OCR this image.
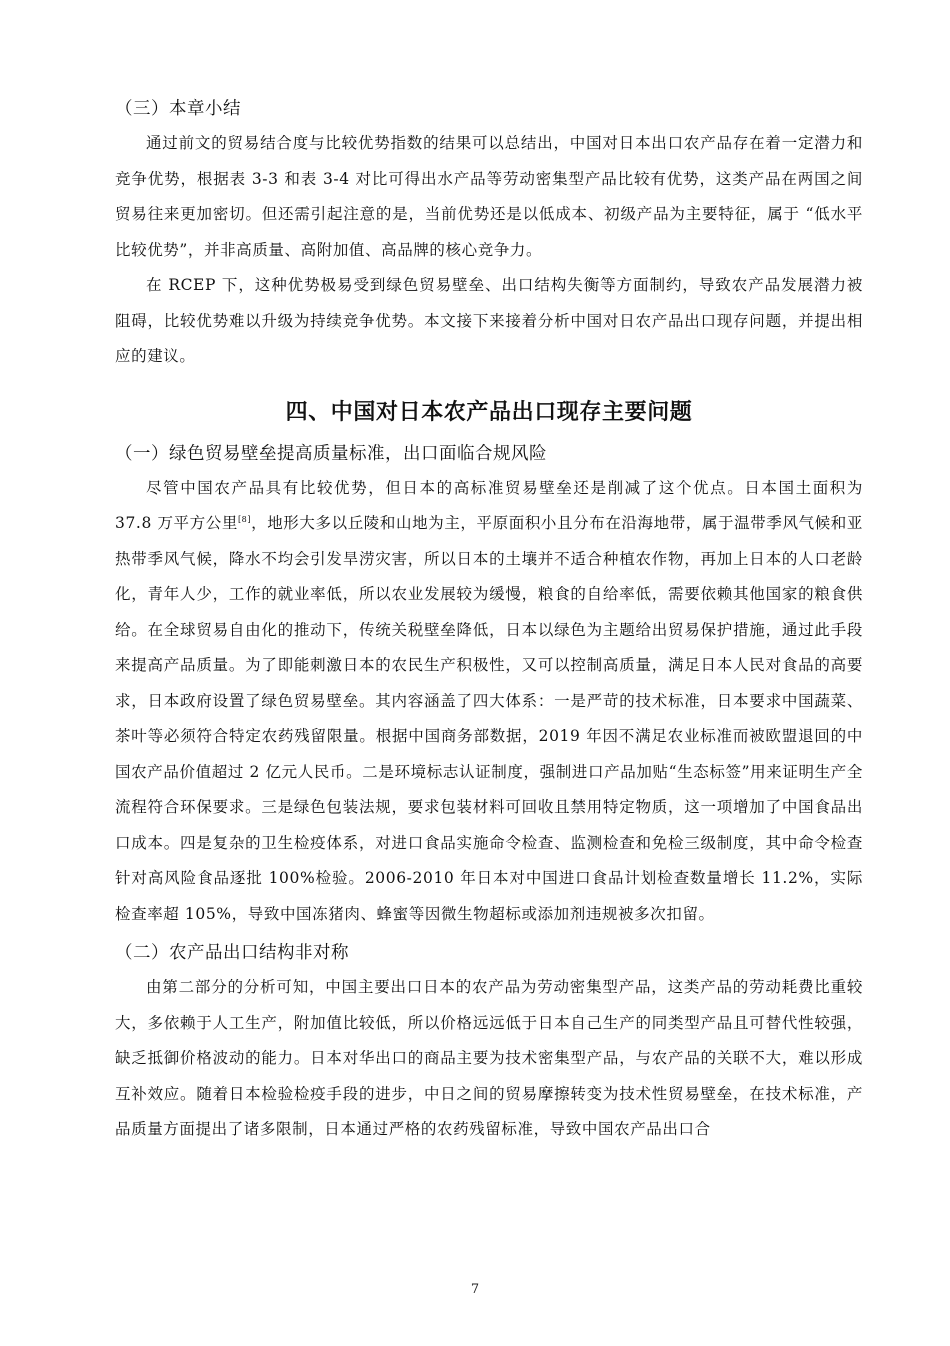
（三）本章小结

通过前文的贸易结合度与比较优势指数的结果可以总结出，中国对日本出口农产品存在着一定潜力和竞争优势，根据表 3-3 和表 3-4 对比可得出水产品等劳动密集型产品比较有优势，这类产品在两国之间贸易往来更加密切。但还需引起注意的是，当前优势还是以低成本、初级产品为主要特征，属于 “低水平比较优势”，并非高质量、高附加值、高品牌的核心竞争力。

在 RCEP 下，这种优势极易受到绿色贸易壁垒、出口结构失衡等方面制约，导致农产品发展潜力被阻碍，比较优势难以升级为持续竞争优势。本文接下来接着分析中国对日农产品出口现存问题，并提出相应的建议。

四、中国对日本农产品出口现存主要问题
（一）绿色贸易壁垒提高质量标准，出口面临合规风险

尽管中国农产品具有比较优势，但日本的高标准贸易壁垒还是削减了这个优点。日本国土面积为 37.8 万平方公里[8]，地形大多以丘陵和山地为主，平原面积小且分布在沿海地带，属于温带季风气候和亚热带季风气候，降水不均会引发旱涝灾害，所以日本的土壤并不适合种植农作物，再加上日本的人口老龄化，青年人少，工作的就业率低，所以农业发展较为缓慢，粮食的自给率低，需要依赖其他国家的粮食供给。在全球贸易自由化的推动下，传统关税壁垒降低，日本以绿色为主题给出贸易保护措施，通过此手段来提高产品质量。为了即能刺激日本的农民生产积极性，又可以控制高质量，满足日本人民对食品的高要求，日本政府设置了绿色贸易壁垒。其内容涵盖了四大体系：一是严苛的技术标准，日本要求中国蔬菜、茶叶等必须符合特定农药残留限量。根据中国商务部数据，2019 年因不满足农业标准而被欧盟退回的中国农产品价值超过 2 亿元人民币。二是环境标志认证制度，强制进口产品加贴“生态标签”用来证明生产全流程符合环保要求。三是绿色包装法规，要求包装材料可回收且禁用特定物质，这一项增加了中国食品出口成本。四是复杂的卫生检疫体系，对进口食品实施命令检查、监测检查和免检三级制度，其中命令检查针对高风险食品逐批 100%检验。2006-2010 年日本对中国进口食品计划检查数量增长 11.2%，实际检查率超 105%，导致中国冻猪肉、蜂蜜等因微生物超标或添加剂违规被多次扣留。

（二）农产品出口结构非对称

由第二部分的分析可知，中国主要出口日本的农产品为劳动密集型产品，这类产品的劳动耗费比重较大，多依赖于人工生产，附加值比较低，所以价格远远低于日本自己生产的同类型产品且可替代性较强，缺乏抵御价格波动的能力。日本对华出口的商品主要为技术密集型产品，与农产品的关联不大，难以形成互补效应。随着日本检验检疫手段的进步，中日之间的贸易摩擦转变为技术性贸易壁垒，在技术标准，产品质量方面提出了诸多限制，日本通过严格的农药残留标准，导致中国农产品出口合

7
